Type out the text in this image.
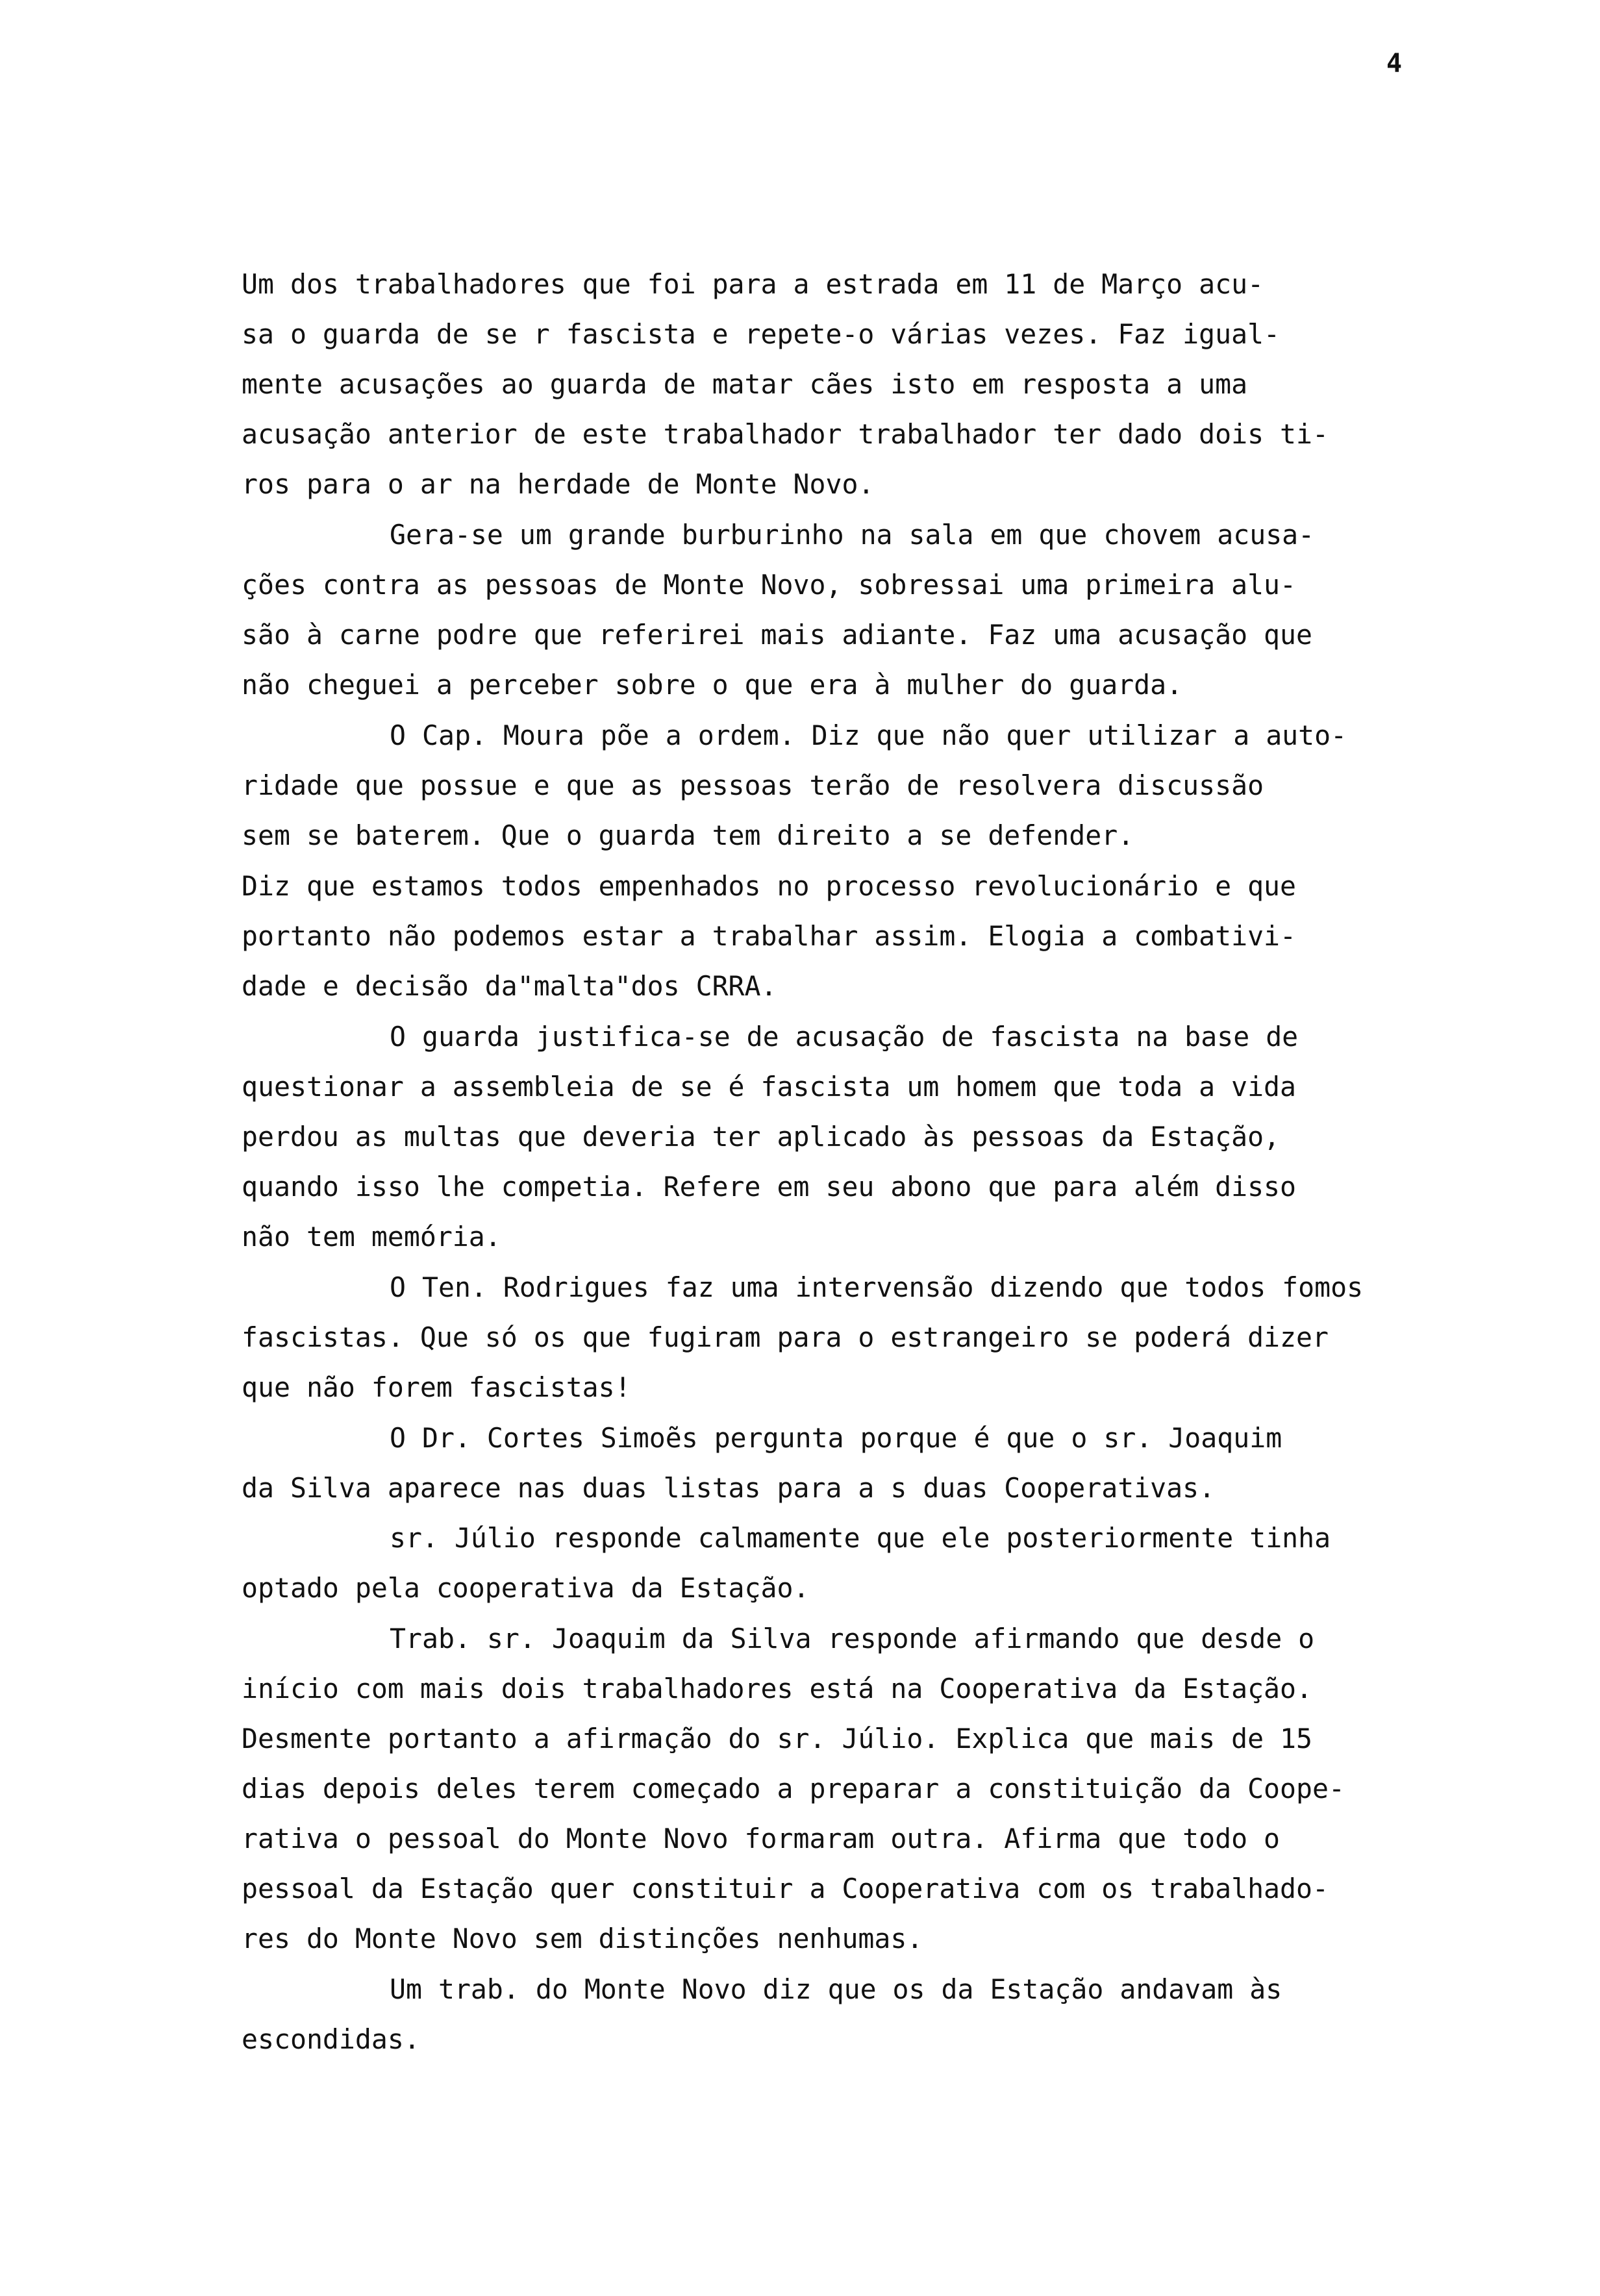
4
Um dos trabalhadores que foi para a estrada em 11 de Março acu-
sa o guarda de se r fascista e repete-o várias vezes. Faz igual-
mente acusações ao guarda de matar cães isto em resposta a uma
acusação anterior de este trabalhador trabalhador ter dado dois ti-
ros para o ar na herdade de Monte Novo.
Gera-se um grande burburinho na sala em que chovem acusa-
ções contra as pessoas de Monte Novo, sobressai uma primeira alu-
são à carne podre que referirei mais adiante. Faz uma acusação que
não cheguei a perceber sobre o que era à mulher do guarda.
O Cap. Moura põe a ordem. Diz que não quer utilizar a auto-
ridade que possue e que as pessoas terão de resolvera discussão
sem se baterem. Que o guarda tem direito a se defender.
Diz que estamos todos empenhados no processo revolucionário e que
portanto não podemos estar a trabalhar assim. Elogia a combativi-
dade e decisão da"malta"dos CRRA.
O guarda justifica-se de acusação de fascista na base de
questionar a assembleia de se é fascista um homem que toda a vida
perdou as multas que deveria ter aplicado às pessoas da Estação,
quando isso lhe competia. Refere em seu abono que para além disso
não tem memória.
O Ten. Rodrigues faz uma intervensão dizendo que todos fomos
fascistas. Que só os que fugiram para o estrangeiro se poderá dizer
que não forem fascistas!
O Dr. Cortes Simoẽs pergunta porque é que o sr. Joaquim
da Silva aparece nas duas listas para a s duas Cooperativas.
sr. Júlio responde calmamente que ele posteriormente tinha
optado pela cooperativa da Estação.
Trab. sr. Joaquim da Silva responde afirmando que desde o
início com mais dois trabalhadores está na Cooperativa da Estação.
Desmente portanto a afirmação do sr. Júlio. Explica que mais de 15
dias depois deles terem começado a preparar a constituição da Coope-
rativa o pessoal do Monte Novo formaram outra. Afirma que todo o
pessoal da Estação quer constituir a Cooperativa com os trabalhado-
res do Monte Novo sem distinções nenhumas.
Um trab. do Monte Novo diz que os da Estação andavam às
escondidas.
